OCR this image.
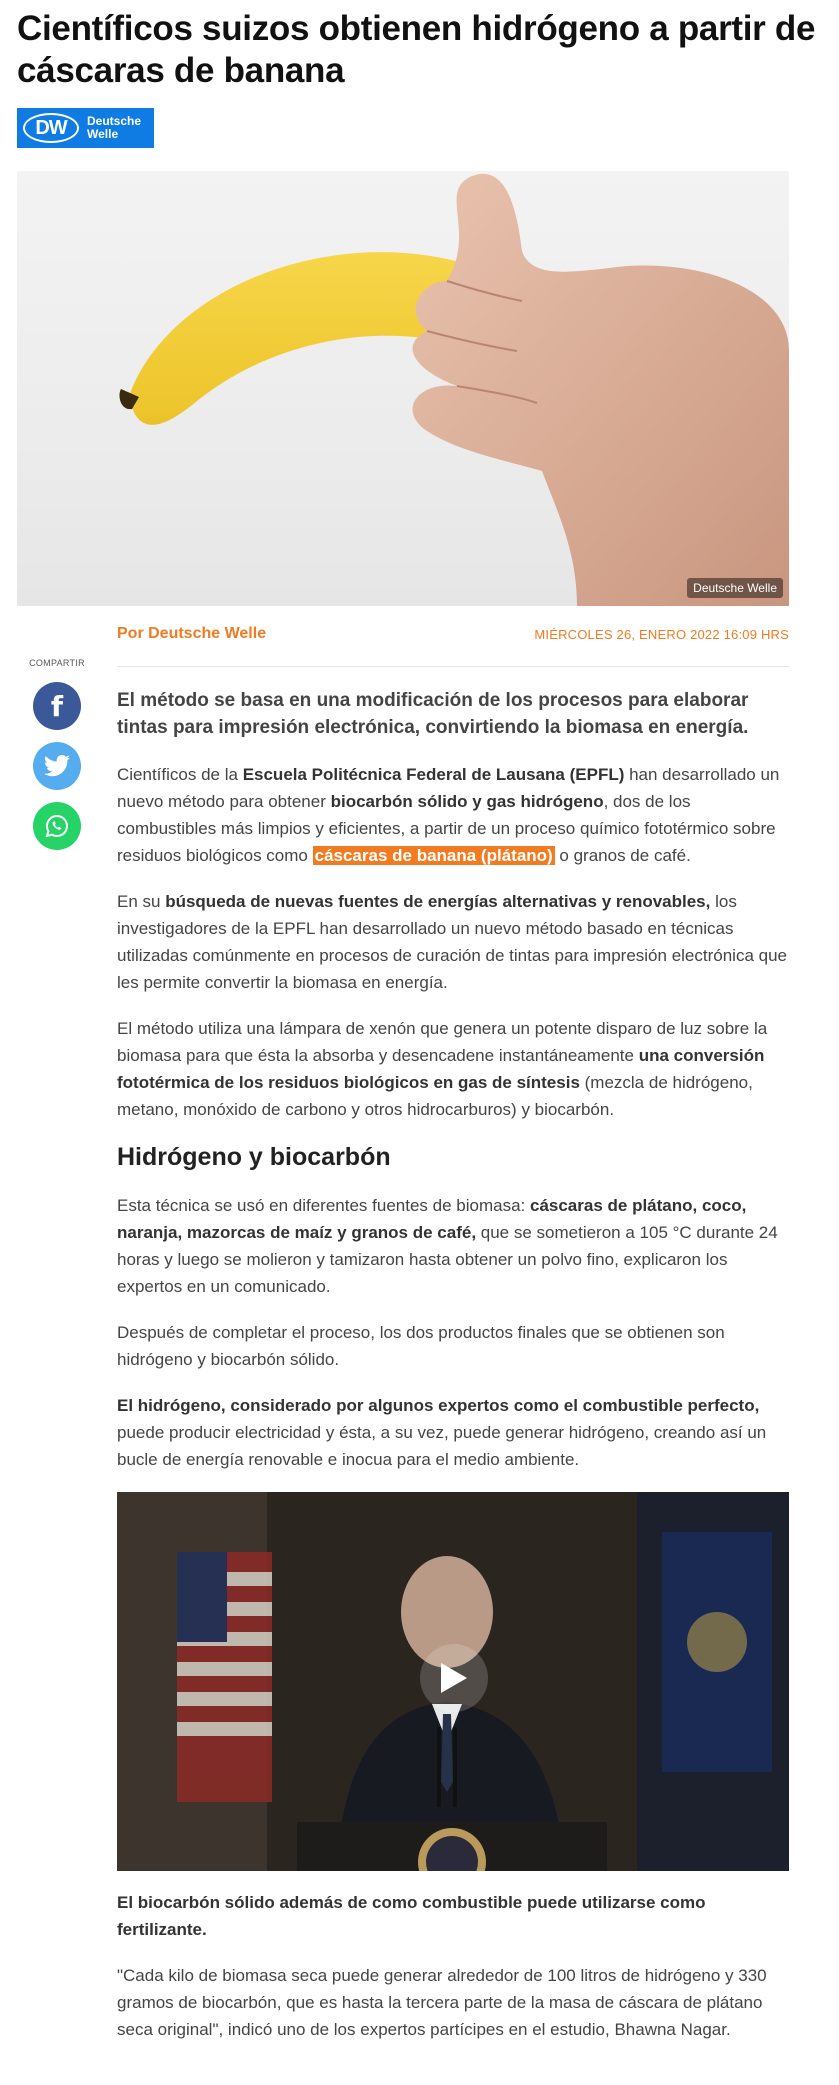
Científicos suizos obtienen hidrógeno a partir de cáscaras de banana
DW	Deutsche
Welle
Deutsche Welle
Por Deutsche Welle	MIÉRCOLES 26, ENERO 2022 16:09 HRS
COMPARTIR
f	El método se basa en una modificación de los procesos para elaborar tintas para impresión electrónica, convirtiendo la biomasa en energía.

Científicos de la Escuela Politécnica Federal de Lausana (EPFL) han desarrollado un nuevo método para obtener biocarbón sólido y gas hidrógeno, dos de los combustibles más limpios y eficientes, a partir de un proceso químico fototérmico sobre residuos biológicos como cáscaras de banana (plátano) o granos de café.

En su búsqueda de nuevas fuentes de energías alternativas y renovables, los investigadores de la EPFL han desarrollado un nuevo método basado en técnicas utilizadas comúnmente en procesos de curación de tintas para impresión electrónica que les permite convertir la biomasa en energía.

El método utiliza una lámpara de xenón que genera un potente disparo de luz sobre la biomasa para que ésta la absorba y desencadene instantáneamente una conversión fototérmica de los residuos biológicos en gas de síntesis (mezcla de hidrógeno, metano, monóxido de carbono y otros hidrocarburos) y biocarbón.

Hidrógeno y biocarbón

Esta técnica se usó en diferentes fuentes de biomasa: cáscaras de plátano, coco, naranja, mazorcas de maíz y granos de café, que se sometieron a 105 °C durante 24 horas y luego se molieron y tamizaron hasta obtener un polvo fino, explicaron los expertos en un comunicado.

Después de completar el proceso, los dos productos finales que se obtienen son hidrógeno y biocarbón sólido.

El hidrógeno, considerado por algunos expertos como el combustible perfecto, puede producir electricidad y ésta, a su vez, puede generar hidrógeno, creando así un bucle de energía renovable e inocua para el medio ambiente.

El biocarbón sólido además de como combustible puede utilizarse como fertilizante.

"Cada kilo de biomasa seca puede generar alrededor de 100 litros de hidrógeno y 330 gramos de biocarbón, que es hasta la tercera parte de la masa de cáscara de plátano seca original", indicó uno de los expertos partícipes en el estudio, Bhawna Nagar.
